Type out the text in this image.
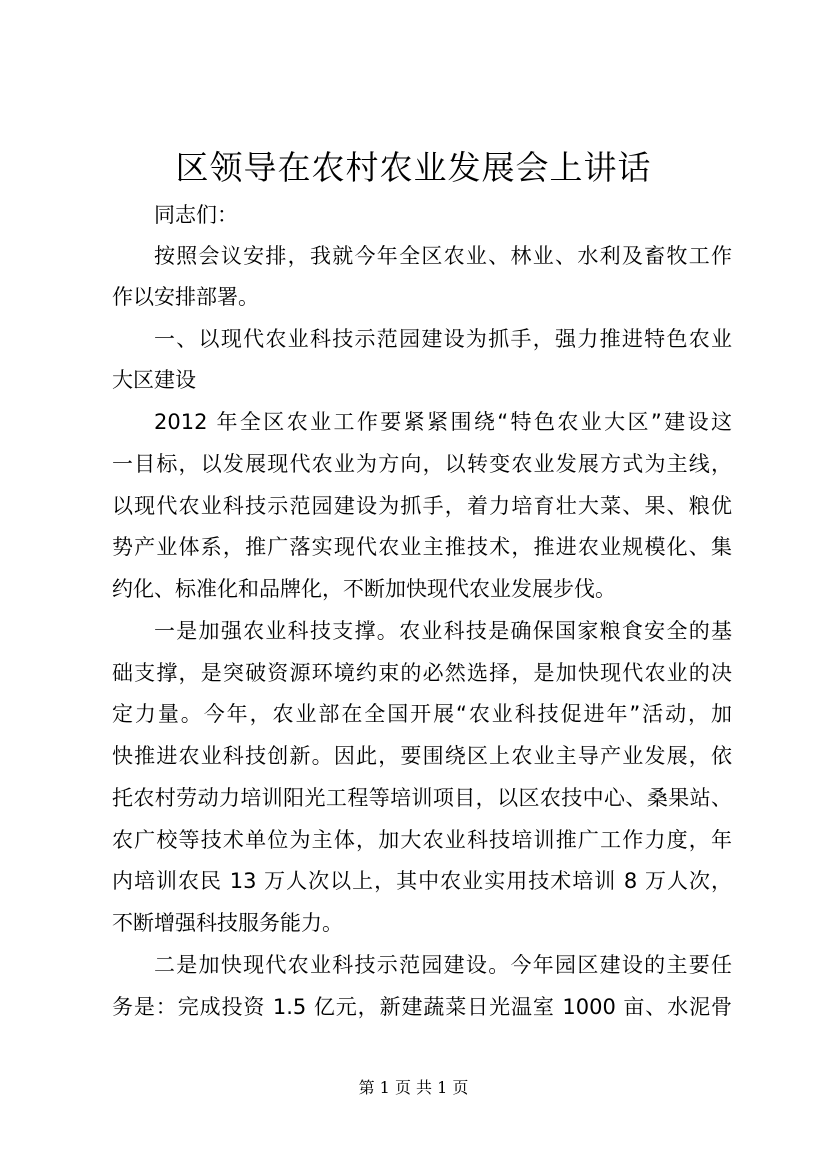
区领导在农村农业发展会上讲话
同志们：
按照会议安排，我就今年全区农业、林业、水利及畜牧工作
作以安排部署。
一、以现代农业科技示范园建设为抓手，强力推进特色农业
大区建设
2012 年全区农业工作要紧紧围绕“特色农业大区”建设这
一目标，以发展现代农业为方向，以转变农业发展方式为主线，
以现代农业科技示范园建设为抓手，着力培育壮大菜、果、粮优
势产业体系，推广落实现代农业主推技术，推进农业规模化、集
约化、标准化和品牌化，不断加快现代农业发展步伐。
一是加强农业科技支撑。农业科技是确保国家粮食安全的基
础支撑，是突破资源环境约束的必然选择，是加快现代农业的决
定力量。今年，农业部在全国开展“农业科技促进年”活动，加
快推进农业科技创新。因此，要围绕区上农业主导产业发展，依
托农村劳动力培训阳光工程等培训项目，以区农技中心、桑果站、
农广校等技术单位为主体，加大农业科技培训推广工作力度，年
内培训农民 13 万人次以上，其中农业实用技术培训 8 万人次，
不断增强科技服务能力。
二是加快现代农业科技示范园建设。今年园区建设的主要任
务是：完成投资 1.5 亿元，新建蔬菜日光温室 1000 亩、水泥骨
第 1 页 共 1 页
